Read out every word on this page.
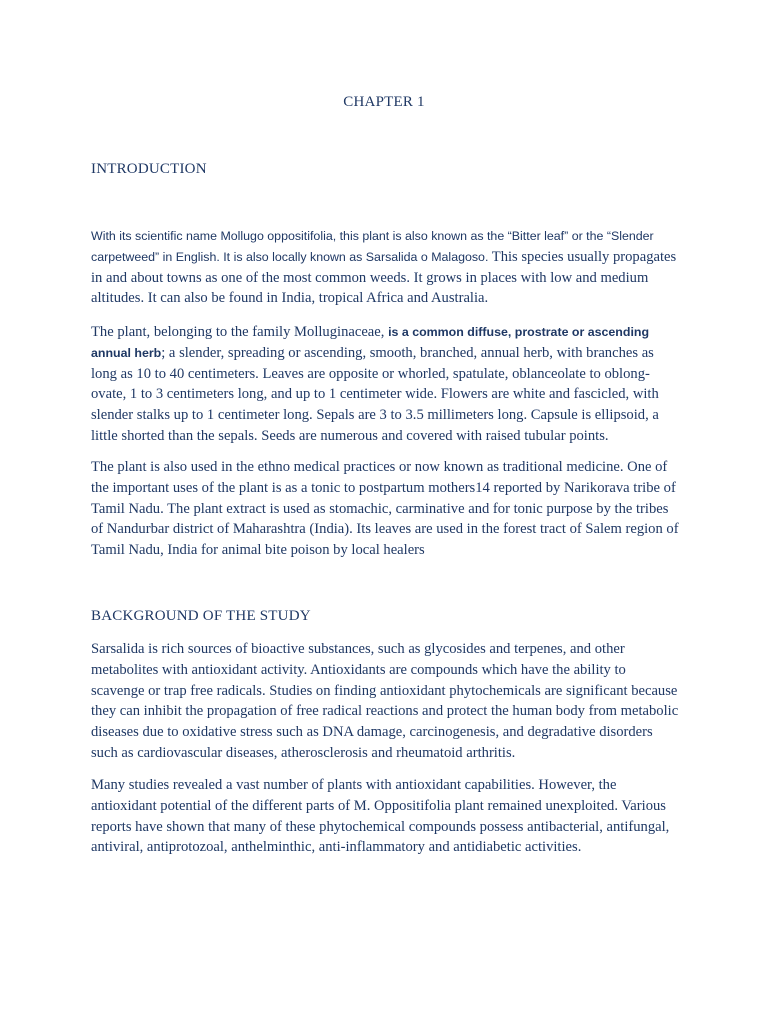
CHAPTER 1
INTRODUCTION

With its scientific name Mollugo oppositifolia, this plant is also known as the “Bitter leaf” or the “Slender carpetweed” in English. It is also locally known as Sarsalida o Malagoso. This species usually propagates in and about towns as one of the most common weeds. It grows in places with low and medium altitudes. It can also be found in India, tropical Africa and Australia.

The plant, belonging to the family Molluginaceae, is a common diffuse, prostrate or ascending annual herb; a slender, spreading or ascending, smooth, branched, annual herb, with branches as long as 10 to 40 centimeters. Leaves are opposite or whorled, spatulate, oblanceolate to oblong-ovate, 1 to 3 centimeters long, and up to 1 centimeter wide. Flowers are white and fascicled, with slender stalks up to 1 centimeter long. Sepals are 3 to 3.5 millimeters long. Capsule is ellipsoid, a little shorted than the sepals. Seeds are numerous and covered with raised tubular points.

The plant is also used in the ethno medical practices or now known as traditional medicine. One of the important uses of the plant is as a tonic to postpartum mothers14 reported by Narikorava tribe of Tamil Nadu. The plant extract is used as stomachic, carminative and for tonic purpose by the tribes of Nandurbar district of Maharashtra (India). Its leaves are used in the forest tract of Salem region of Tamil Nadu, India for animal bite poison by local healers

BACKGROUND OF THE STUDY

Sarsalida is rich sources of bioactive substances, such as glycosides and terpenes, and other metabolites with antioxidant activity. Antioxidants are compounds which have the ability to scavenge or trap free radicals. Studies on finding antioxidant phytochemicals are significant because they can inhibit the propagation of free radical reactions and protect the human body from metabolic diseases due to oxidative stress such as DNA damage, carcinogenesis, and degradative disorders such as cardiovascular diseases, atherosclerosis and rheumatoid arthritis.

Many studies revealed a vast number of plants with antioxidant capabilities. However, the antioxidant potential of the different parts of M. Oppositifolia plant remained unexploited. Various reports have shown that many of these phytochemical compounds possess antibacterial, antifungal, antiviral, antiprotozoal, anthelminthic, anti-inflammatory and antidiabetic activities.
